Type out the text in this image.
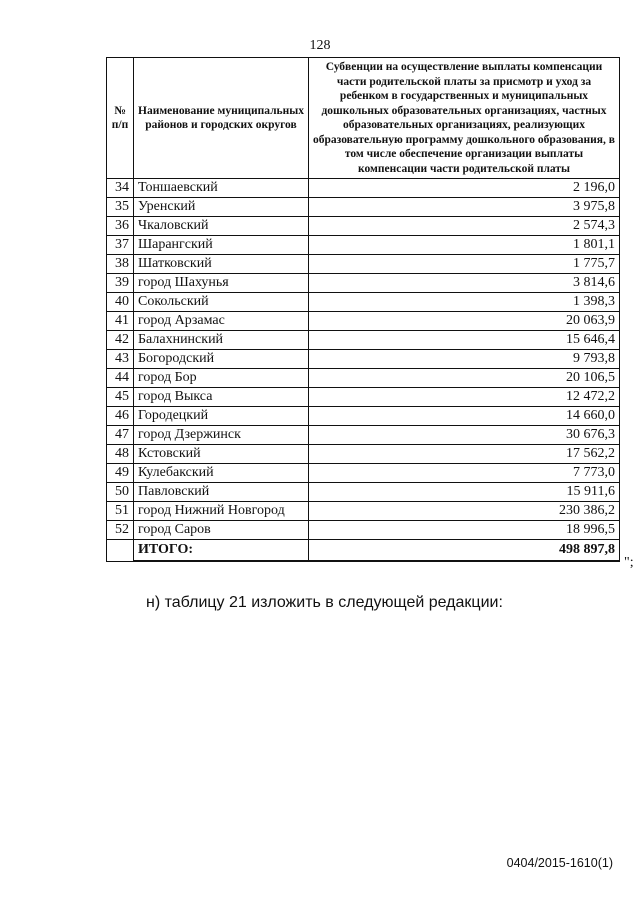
128
№ п/п	Наименование муниципальных районов и городских округов	Субвенции на осуществление выплаты компенсации части родительской платы за присмотр и уход за ребенком в государственных и муниципальных дошкольных образовательных организациях, частных образовательных организациях, реализующих образовательную программу дошкольного образования, в том числе обеспечение организации выплаты компенсации части родительской платы
34	Тоншаевский	2 196,0
35	Уренский	3 975,8
36	Чкаловский	2 574,3
37	Шарангский	1 801,1
38	Шатковский	1 775,7
39	город Шахунья	3 814,6
40	Сокольский	1 398,3
41	город Арзамас	20 063,9
42	Балахнинский	15 646,4
43	Богородский	9 793,8
44	город Бор	20 106,5
45	город Выкса	12 472,2
46	Городецкий	14 660,0
47	город Дзержинск	30 676,3
48	Кстовский	17 562,2
49	Кулебакский	7 773,0
50	Павловский	15 911,6
51	город Нижний Новгород	230 386,2
52	город Саров	18 996,5
	ИТОГО:	498 897,8
";
н) таблицу 21 изложить в следующей редакции:
0404/2015-1610(1)
